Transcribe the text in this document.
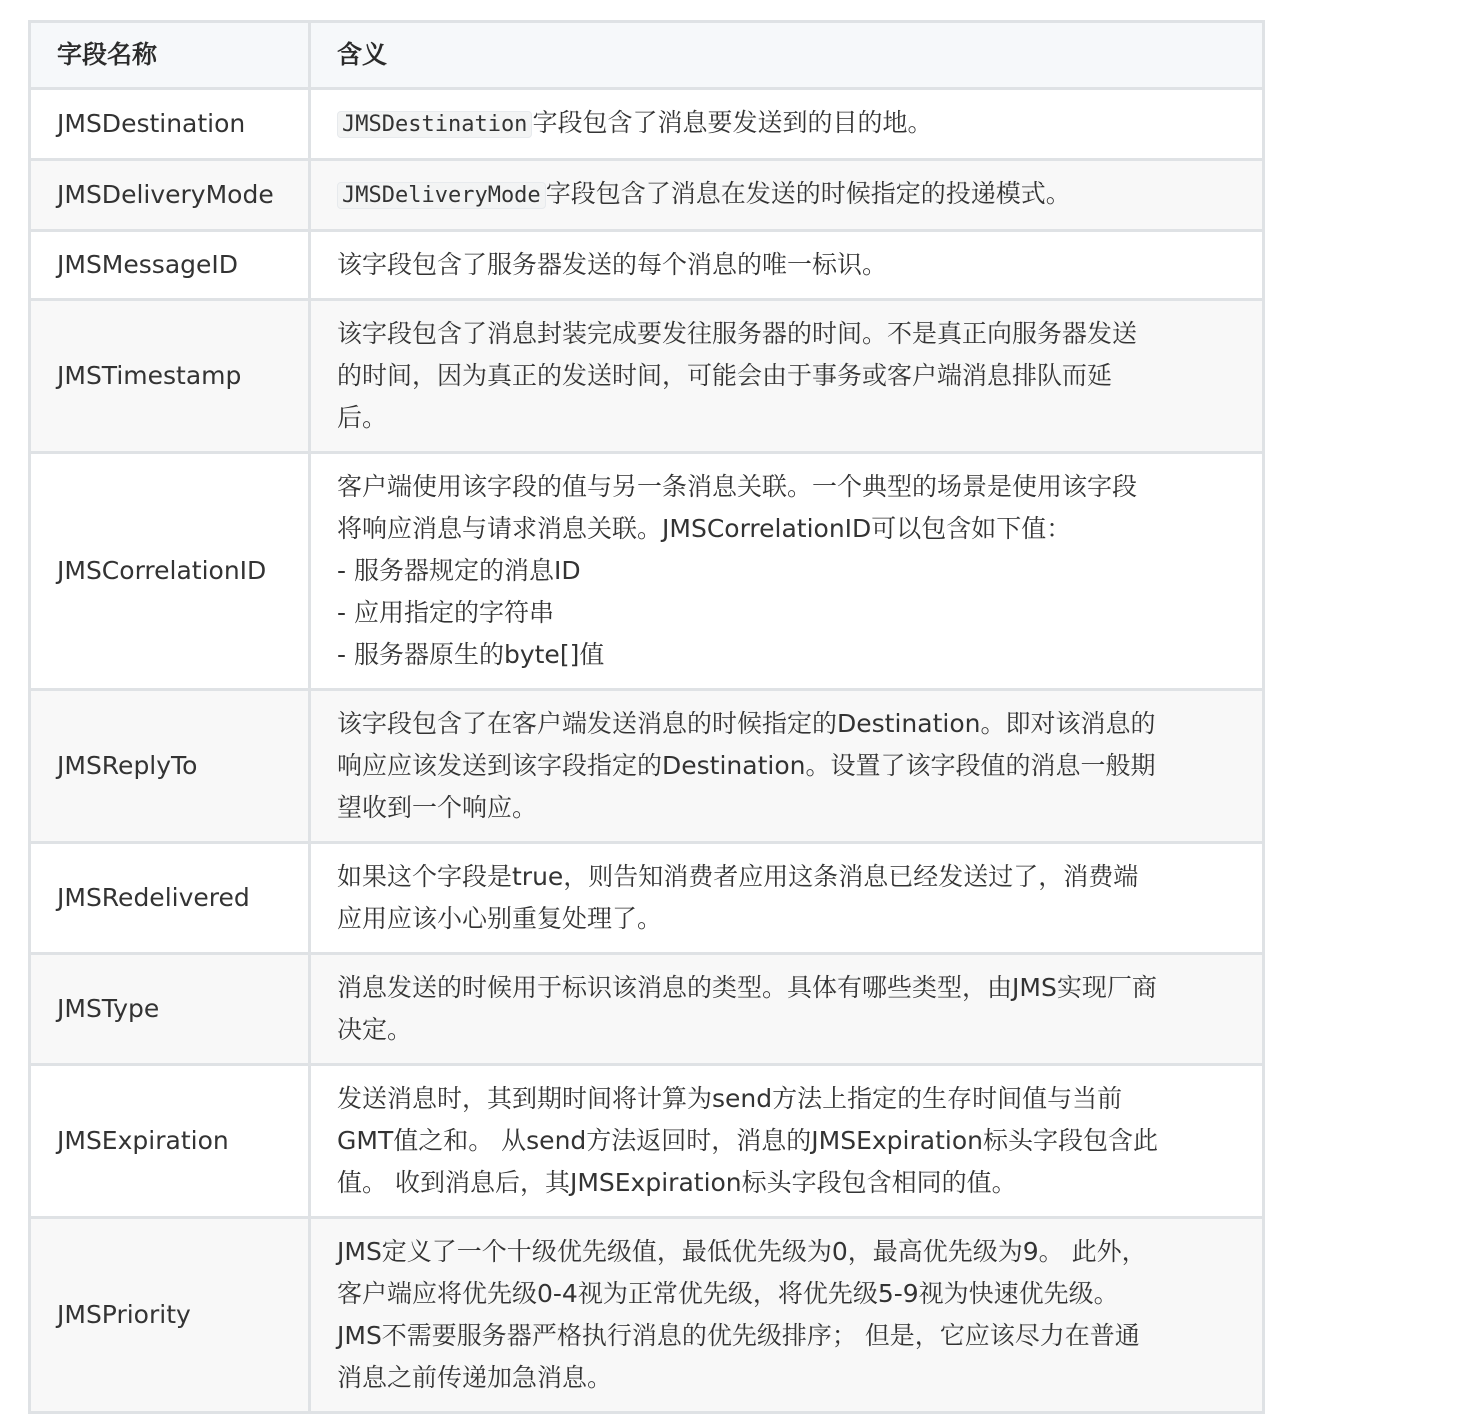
字段名称	含义
JMSDestination	JMSDestination 字段包含了消息要发送到的目的地。
JMSDeliveryMode	JMSDeliveryMode 字段包含了消息在发送的时候指定的投递模式。
JMSMessageID	该字段包含了服务器发送的每个消息的唯一标识。

JMSTimestamp	该字段包含了消息封装完成要发往服务器的时间。不是真正向服务器发送
的时间，因为真正的发送时间，可能会由于事务或客户端消息排队而延
后。

JMSCorrelationID	客户端使用该字段的值与另一条消息关联。一个典型的场景是使用该字段
将响应消息与请求消息关联。JMSCorrelationID可以包含如下值：
- 服务器规定的消息ID
- 应用指定的字符串
- 服务器原生的byte[]值

JMSReplyTo	该字段包含了在客户端发送消息的时候指定的Destination。即对该消息的
响应应该发送到该字段指定的Destination。设置了该字段值的消息一般期
望收到一个响应。

JMSRedelivered	如果这个字段是true，则告知消费者应用这条消息已经发送过了，消费端
应用应该小心别重复处理了。

JMSType	消息发送的时候用于标识该消息的类型。具体有哪些类型，由JMS实现厂商
决定。

JMSExpiration	发送消息时，其到期时间将计算为send方法上指定的生存时间值与当前
GMT值之和。 从send方法返回时，消息的JMSExpiration标头字段包含此
值。 收到消息后，其JMSExpiration标头字段包含相同的值。

JMSPriority	JMS定义了一个十级优先级值，最低优先级为0，最高优先级为9。 此外，
客户端应将优先级0-4视为正常优先级，将优先级5-9视为快速优先级。
JMS不需要服务器严格执行消息的优先级排序； 但是，它应该尽力在普通
消息之前传递加急消息。
